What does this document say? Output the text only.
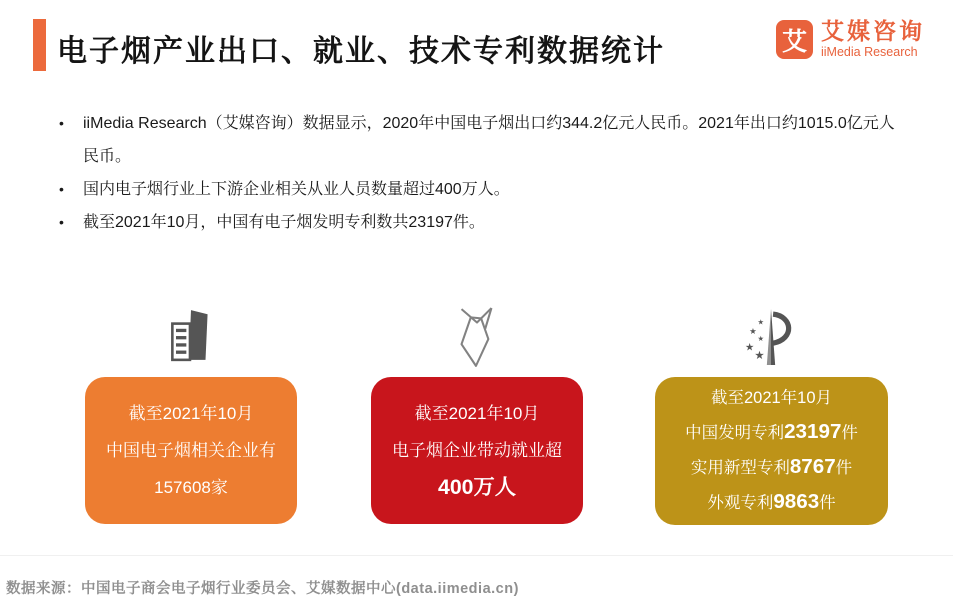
电子烟产业出口、就业、技术专利数据统计	艾 艾媒咨询
iiMedia Research
• iiMedia Research（艾媒咨询）数据显示，2020年中国电子烟出口约344.2亿元人民币。2021年出口约1015.0亿元人民币。
• 国内电子烟行业上下游企业相关从业人员数量超过400万人。
• 截至2021年10月，中国有电子烟发明专利数共23197件。
★
★
★
★
★
截至2021年10月
中国电子烟相关企业有
157608家
截至2021年10月
电子烟企业带动就业超
400万人
截至2021年10月
中国发明专利23197件
实用新型专利8767件
外观专利9863件
数据来源：中国电子商会电子烟行业委员会、艾媒数据中心(data.iimedia.cn)
